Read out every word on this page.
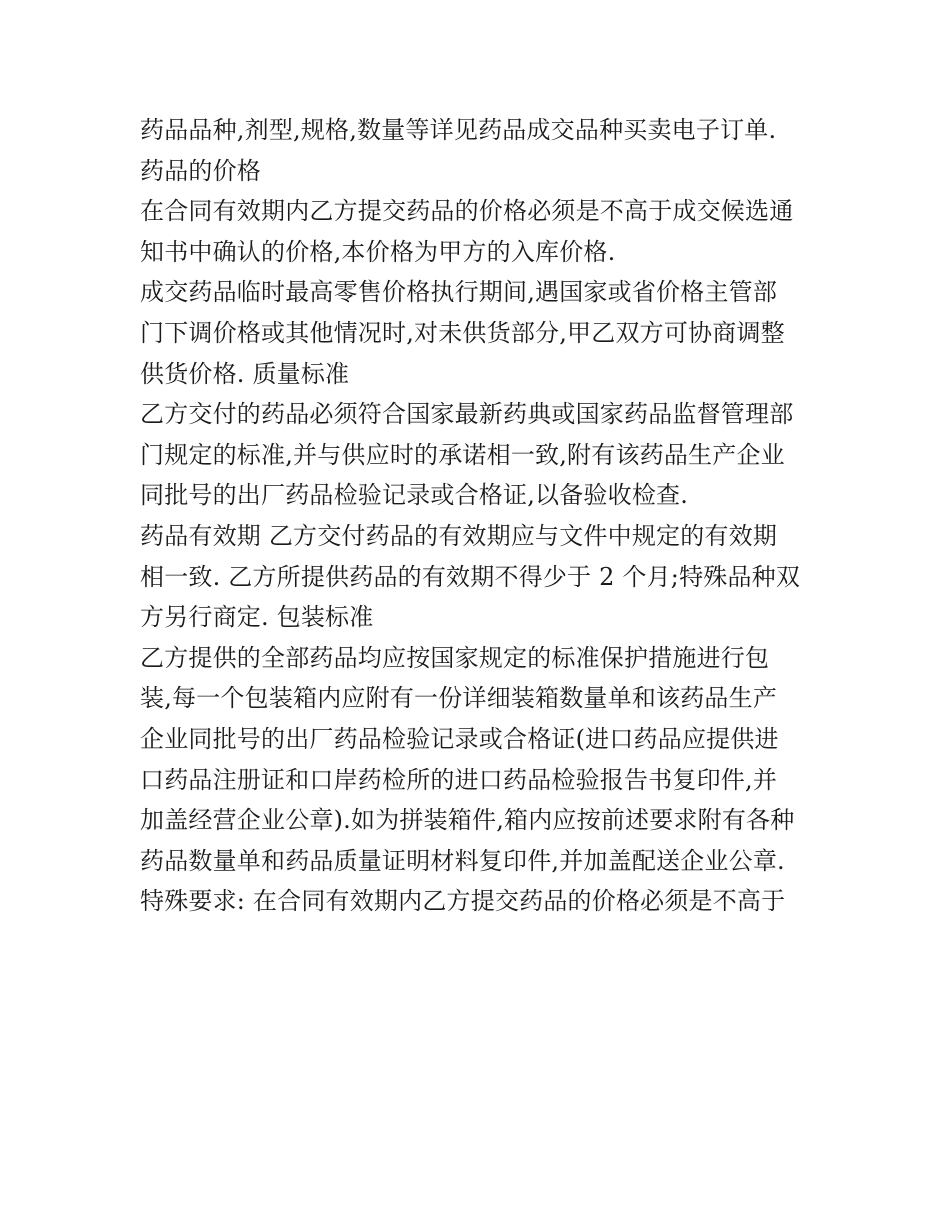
药品品种,剂型,规格,数量等详见药品成交品种买卖电子订单.
药品的价格
在合同有效期内乙方提交药品的价格必须是不高于成交候选通
知书中确认的价格,本价格为甲方的入库价格.
成交药品临时最高零售价格执行期间,遇国家或省价格主管部
门下调价格或其他情况时,对未供货部分,甲乙双方可协商调整
供货价格. 质量标准
乙方交付的药品必须符合国家最新药典或国家药品监督管理部
门规定的标准,并与供应时的承诺相一致,附有该药品生产企业
同批号的出厂药品检验记录或合格证,以备验收检查.
药品有效期 乙方交付药品的有效期应与文件中规定的有效期
相一致. 乙方所提供药品的有效期不得少于 2 个月;特殊品种双
方另行商定. 包装标准
乙方提供的全部药品均应按国家规定的标准保护措施进行包
装,每一个包装箱内应附有一份详细装箱数量单和该药品生产
企业同批号的出厂药品检验记录或合格证(进口药品应提供进
口药品注册证和口岸药检所的进口药品检验报告书复印件,并
加盖经营企业公章).如为拼装箱件,箱内应按前述要求附有各种
药品数量单和药品质量证明材料复印件,并加盖配送企业公章.
特殊要求: 在合同有效期内乙方提交药品的价格必须是不高于
